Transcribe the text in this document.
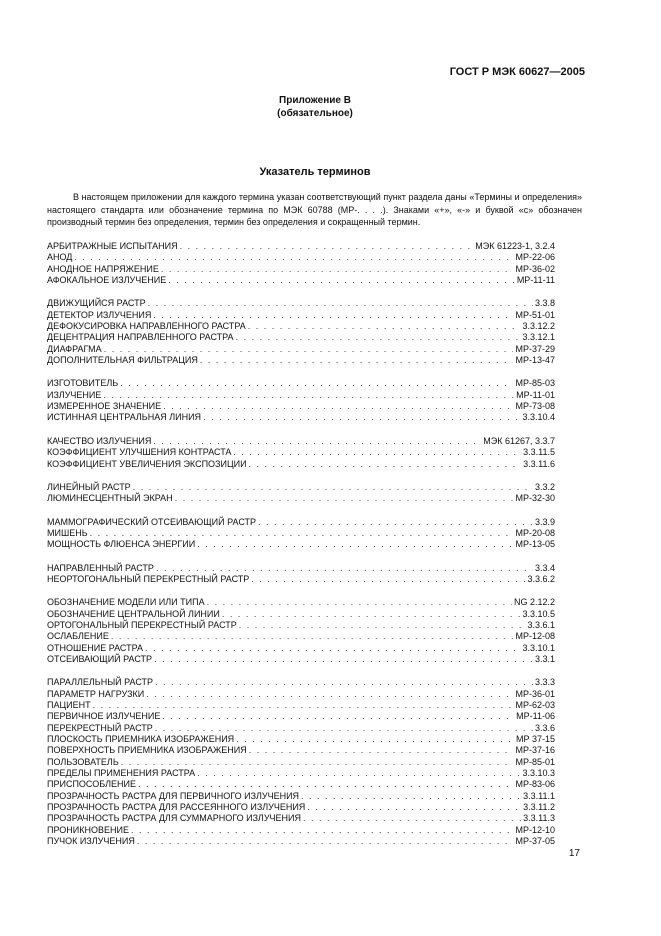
ГОСТ Р МЭК 60627—2005
Приложение В
(обязательное)
Указатель терминов
В настоящем приложении для каждого термина указан соответствующий пункт раздела даны «Термины и определения» настоящего стандарта или обозначение термина по МЭК 60788 (МР-. . . .). Знаками «+», «-» и буквой «с» обозначен производный термин без определения, термин без определения и сокращенный термин.
АРБИТРАЖНЫЕ ИСПЫТАНИЯ . . .	МЭК 61223-1, 3.2.4
АНОД . . .	МР-22-06
АНОДНОЕ НАПРЯЖЕНИЕ . . .	МР-36-02
АФОКАЛЬНОЕ ИЗЛУЧЕНИЕ . . .	МР-11-11
ДВИЖУЩИЙСЯ РАСТР . . .	3.3.8
ДЕТЕКТОР ИЗЛУЧЕНИЯ . . .	МР-51-01
ДЕФОКУСИРОВКА НАПРАВЛЕННОГО РАСТРА . . .	3.3.12.2
ДЕЦЕНТРАЦИЯ НАПРАВЛЕННОГО РАСТРА . . .	3.3.12.1
ДИАФРАГМА . . .	МР-37-29
ДОПОЛНИТЕЛЬНАЯ ФИЛЬТРАЦИЯ . . .	МР-13-47
ИЗГОТОВИТЕЛЬ . . .	МР-85-03
ИЗЛУЧЕНИЕ . . .	МР-11-01
ИЗМЕРЕННОЕ ЗНАЧЕНИЕ . . .	МР-73-08
ИСТИННАЯ ЦЕНТРАЛЬНАЯ ЛИНИЯ . . .	3.3.10.4
КАЧЕСТВО ИЗЛУЧЕНИЯ . . .	МЭК 61267, 3.3.7
КОЭФФИЦИЕНТ УЛУЧШЕНИЯ КОНТРАСТА . . .	3.3.11.5
КОЭФФИЦИЕНТ УВЕЛИЧЕНИЯ ЭКСПОЗИЦИИ . . .	3.3.11.6
ЛИНЕЙНЫЙ РАСТР . . .	3.3.2
ЛЮМИНЕСЦЕНТНЫЙ ЭКРАН . . .	МР-32-30
МАММОГРАФИЧЕСКИЙ ОТСЕИВАЮЩИЙ РАСТР . . .	3.3.9
МИШЕНЬ . . .	МР-20-08
МОЩНОСТЬ ФЛЮЕНСА ЭНЕРГИИ . . .	МР-13-05
НАПРАВЛЕННЫЙ РАСТР . . .	3.3.4
НЕОРТОГОНАЛЬНЫЙ ПЕРЕКРЕСТНЫЙ РАСТР . . .	3.3.6.2
ОБОЗНАЧЕНИЕ МОДЕЛИ ИЛИ ТИПА . . .	NG 2.12.2
ОБОЗНАЧЕНИЕ ЦЕНТРАЛЬНОЙ ЛИНИИ . . .	3.3.10.5
ОРТОГОНАЛЬНЫЙ ПЕРЕКРЕСТНЫЙ РАСТР . . .	3.3.6.1
ОСЛАБЛЕНИЕ . . .	МР-12-08
ОТНОШЕНИЕ РАСТРА . . .	3.3.10.1
ОТСЕИВАЮЩИЙ РАСТР . . .	3.3.1
ПАРАЛЛЕЛЬНЫЙ РАСТР . . .	3.3.3
ПАРАМЕТР НАГРУЗКИ . . .	МР-36-01
ПАЦИЕНТ . . .	МР-62-03
ПЕРВИЧНОЕ ИЗЛУЧЕНИЕ . . .	МР-11-06
ПЕРЕКРЕСТНЫЙ РАСТР . . .	3.3.6
ПЛОСКОСТЬ ПРИЕМНИКА ИЗОБРАЖЕНИЯ . . .	МР 37-15
ПОВЕРХНОСТЬ ПРИЕМНИКА ИЗОБРАЖЕНИЯ . . .	МР-37-16
ПОЛЬЗОВАТЕЛЬ . . .	МР-85-01
ПРЕДЕЛЫ ПРИМЕНЕНИЯ РАСТРА . . .	3.3.10.3
ПРИСПОСОБЛЕНИЕ . . .	МР-83-06
ПРОЗРАЧНОСТЬ РАСТРА ДЛЯ ПЕРВИЧНОГО ИЗЛУЧЕНИЯ . . .	3.3.11.1
ПРОЗРАЧНОСТЬ РАСТРА ДЛЯ РАССЕЯННОГО ИЗЛУЧЕНИЯ . . .	3.3.11.2
ПРОЗРАЧНОСТЬ РАСТРА ДЛЯ СУММАРНОГО ИЗЛУЧЕНИЯ . . .	3.3.11.3
ПРОНИКНОВЕНИЕ . . .	МР-12-10
ПУЧОК ИЗЛУЧЕНИЯ . . .	МР-37-05
17
